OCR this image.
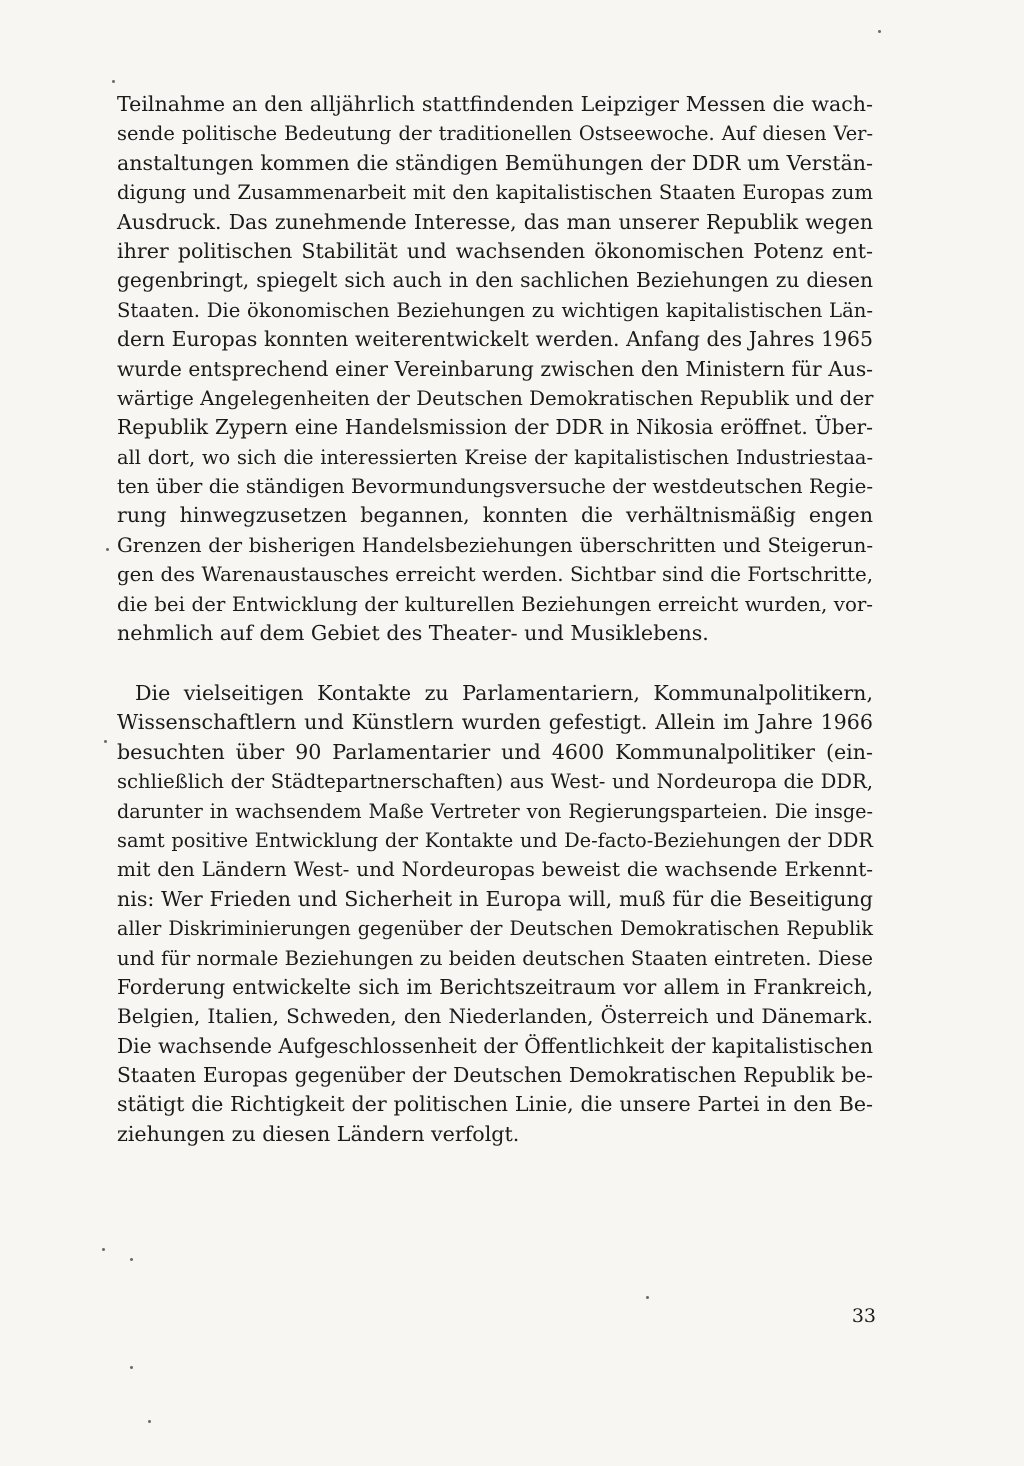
Teilnahme an den alljährlich stattfindenden Leipziger Messen die wach-
sende politische Bedeutung der traditionellen Ostseewoche. Auf diesen Ver-
anstaltungen kommen die ständigen Bemühungen der DDR um Verstän-
digung und Zusammenarbeit mit den kapitalistischen Staaten Europas zum
Ausdruck. Das zunehmende Interesse, das man unserer Republik wegen
ihrer politischen Stabilität und wachsenden ökonomischen Potenz ent-
gegenbringt, spiegelt sich auch in den sachlichen Beziehungen zu diesen
Staaten. Die ökonomischen Beziehungen zu wichtigen kapitalistischen Län-
dern Europas konnten weiterentwickelt werden. Anfang des Jahres 1965
wurde entsprechend einer Vereinbarung zwischen den Ministern für Aus-
wärtige Angelegenheiten der Deutschen Demokratischen Republik und der
Republik Zypern eine Handelsmission der DDR in Nikosia eröffnet. Über-
all dort, wo sich die interessierten Kreise der kapitalistischen Industriestaa-
ten über die ständigen Bevormundungsversuche der westdeutschen Regie-
rung hinwegzusetzen begannen, konnten die verhältnismäßig engen
Grenzen der bisherigen Handelsbeziehungen überschritten und Steigerun-
gen des Warenaustausches erreicht werden. Sichtbar sind die Fortschritte,
die bei der Entwicklung der kulturellen Beziehungen erreicht wurden, vor-
nehmlich auf dem Gebiet des Theater- und Musiklebens.
Die vielseitigen Kontakte zu Parlamentariern, Kommunalpolitikern,
Wissenschaftlern und Künstlern wurden gefestigt. Allein im Jahre 1966
besuchten über 90 Parlamentarier und 4600 Kommunalpolitiker (ein-
schließlich der Städtepartnerschaften) aus West- und Nordeuropa die DDR,
darunter in wachsendem Maße Vertreter von Regierungsparteien. Die insge-
samt positive Entwicklung der Kontakte und De-facto-Beziehungen der DDR
mit den Ländern West- und Nordeuropas beweist die wachsende Erkennt-
nis: Wer Frieden und Sicherheit in Europa will, muß für die Beseitigung
aller Diskriminierungen gegenüber der Deutschen Demokratischen Republik
und für normale Beziehungen zu beiden deutschen Staaten eintreten. Diese
Forderung entwickelte sich im Berichtszeitraum vor allem in Frankreich,
Belgien, Italien, Schweden, den Niederlanden, Österreich und Dänemark.
Die wachsende Aufgeschlossenheit der Öffentlichkeit der kapitalistischen
Staaten Europas gegenüber der Deutschen Demokratischen Republik be-
stätigt die Richtigkeit der politischen Linie, die unsere Partei in den Be-
ziehungen zu diesen Ländern verfolgt.
33
